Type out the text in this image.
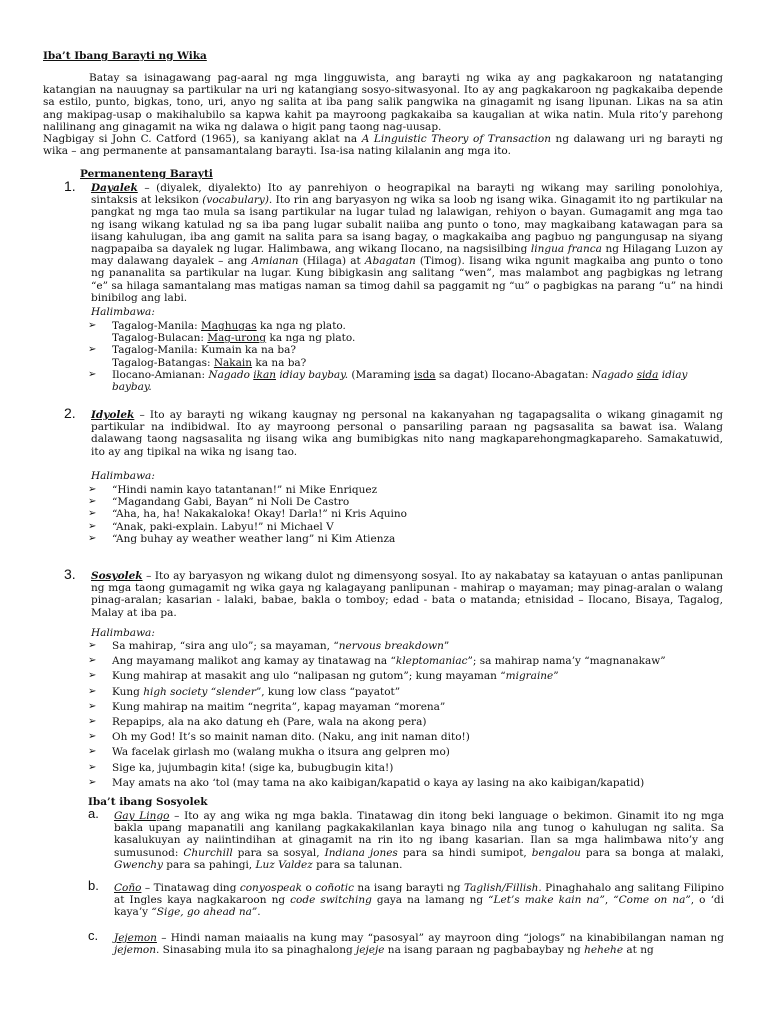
Iba’t Ibang Barayti ng Wika
Batay sa isinagawang pag-aaral ng mga lingguwista, ang barayti ng wika ay ang pagkakaroon ng natatanging katangian na nauugnay sa partikular na uri ng katangiang sosyo-sitwasyonal. Ito ay ang pagkakaroon ng pagkakaiba depende sa estilo, punto, bigkas, tono, uri, anyo ng salita at iba pang salik pangwika na ginagamit ng isang lipunan. Likas na sa atin ang makipag-usap o makihalubilo sa kapwa kahit pa mayroong pagkakaiba sa kaugalian at wika natin. Mula rito’y parehong nalilinang ang ginagamit na wika ng dalawa o higit pang taong nag-uusap.
Nagbigay si John C. Catford (1965), sa kaniyang aklat na A Linguistic Theory of Transaction ng dalawang uri ng barayti ng wika – ang permanente at pansamantalang barayti. Isa-isa nating kilalanin ang mga ito.
Permanenteng Barayti
1. Dayalek – (diyalek, diyalekto) Ito ay panrehiyon o heograpikal na barayti ng wikang may sariling ponolohiya, sintaksis at leksikon (vocabulary). Ito rin ang baryasyon ng wika sa loob ng isang wika. Ginagamit ito ng partikular na pangkat ng mga tao mula sa isang partikular na lugar tulad ng lalawigan, rehiyon o bayan. Gumagamit ang mga tao ng isang wikang katulad ng sa iba pang lugar subalit naiiba ang punto o tono, may magkaibang katawagan para sa iisang kahulugan, iba ang gamit na salita para sa isang bagay, o magkakaiba ang pagbuo ng pangungusap na siyang nagpapaiba sa dayalek ng lugar. Halimbawa, ang wikang Ilocano, na nagsisilbing lingua franca ng Hilagang Luzon ay may dalawang dayalek – ang Amianan (Hilaga) at Abagatan (Timog). Iisang wika ngunit magkaiba ang punto o tono ng pananalita sa partikular na lugar. Kung bibigkasin ang salitang “wen”, mas malambot ang pagbigkas ng letrang “e” sa hilaga samantalang mas matigas naman sa timog dahil sa paggamit ng “ɯ” o pagbigkas na parang “u” na hindi binibilog ang labi.
Halimbawa:
➢ Tagalog-Manila: Maghugas ka nga ng plato.
Tagalog-Bulacan: Mag-urong ka nga ng plato.
➢ Tagalog-Manila: Kumain ka na ba?
Tagalog-Batangas: Nakain ka na ba?
➢ Ilocano-Amianan: Nagado ikan idiay baybay. (Maraming isda sa dagat) Ilocano-Abagatan: Nagado sida idiay baybay.
2. Idyolek – Ito ay barayti ng wikang kaugnay ng personal na kakanyahan ng tagapagsalita o wikang ginagamit ng partikular na indibidwal. Ito ay mayroong personal o pansariling paraan ng pagsasalita sa bawat isa. Walang dalawang taong nagsasalita ng iisang wika ang bumibigkas nito nang magkaparehongmagkapareho. Samakatuwid, ito ay ang tipikal na wika ng isang tao.
Halimbawa:
➢ “Hindi namin kayo tatantanan!” ni Mike Enriquez
➢ “Magandang Gabi, Bayan” ni Noli De Castro
➢ “Aha, ha, ha! Nakakaloka! Okay! Darla!” ni Kris Aquino
➢ “Anak, paki-explain. Labyu!” ni Michael V
➢ “Ang buhay ay weather weather lang” ni Kim Atienza
3. Sosyolek – Ito ay baryasyon ng wikang dulot ng dimensyong sosyal. Ito ay nakabatay sa katayuan o antas panlipunan ng mga taong gumagamit ng wika gaya ng kalagayang panlipunan - mahirap o mayaman; may pinag-aralan o walang pinag-aralan; kasarian - lalaki, babae, bakla o tomboy; edad - bata o matanda; etnisidad – Ilocano, Bisaya, Tagalog, Malay at iba pa.
Halimbawa:
➢ Sa mahirap, “sira ang ulo”; sa mayaman, “nervous breakdown”
➢ Ang mayamang malikot ang kamay ay tinatawag na “kleptomaniac”; sa mahirap nama’y “magnanakaw”
➢ Kung mahirap at masakit ang ulo “nalipasan ng gutom”; kung mayaman “migraine”
➢ Kung high society “slender”, kung low class “payatot”
➢ Kung mahirap na maitim “negrita”, kapag mayaman “morena”
➢ Repapips, ala na ako datung eh (Pare, wala na akong pera)
➢ Oh my God! It’s so mainit naman dito. (Naku, ang init naman dito!)
➢ Wa facelak girlash mo (walang mukha o itsura ang gelpren mo)
➢ Sige ka, jujumbagin kita! (sige ka, bubugbugin kita!)
➢ May amats na ako ‘tol (may tama na ako kaibigan/kapatid o kaya ay lasing na ako kaibigan/kapatid)
Iba’t ibang Sosyolek
a. Gay Lingo – Ito ay ang wika ng mga bakla. Tinatawag din itong beki language o bekimon. Ginamit ito ng mga bakla upang mapanatili ang kanilang pagkakakilanlan kaya binago nila ang tunog o kahulugan ng salita. Sa kasalukuyan ay naiintindihan at ginagamit na rin ito ng ibang kasarian. Ilan sa mga halimbawa nito’y ang sumusunod: Churchill para sa sosyal, Indiana jones para sa hindi sumipot, bengalou para sa bonga at malaki, Gwenchy para sa pahingi, Luz Valdez para sa talunan.
b. Coño – Tinatawag ding conyospeak o coñotic na isang barayti ng Taglish/Fillish. Pinaghahalo ang salitang Filipino at Ingles kaya nagkakaroon ng code switching gaya na lamang ng “Let’s make kain na”, “Come on na”, o ‘di kaya’y “Sige, go ahead na”.
c. Jejemon – Hindi naman maiaalis na kung may “pasosyal” ay mayroon ding “jologs” na kinabibilangan naman ng jejemon. Sinasabing mula ito sa pinaghalong jejeje na isang paraan ng pagbabaybay ng hehehe at ng
